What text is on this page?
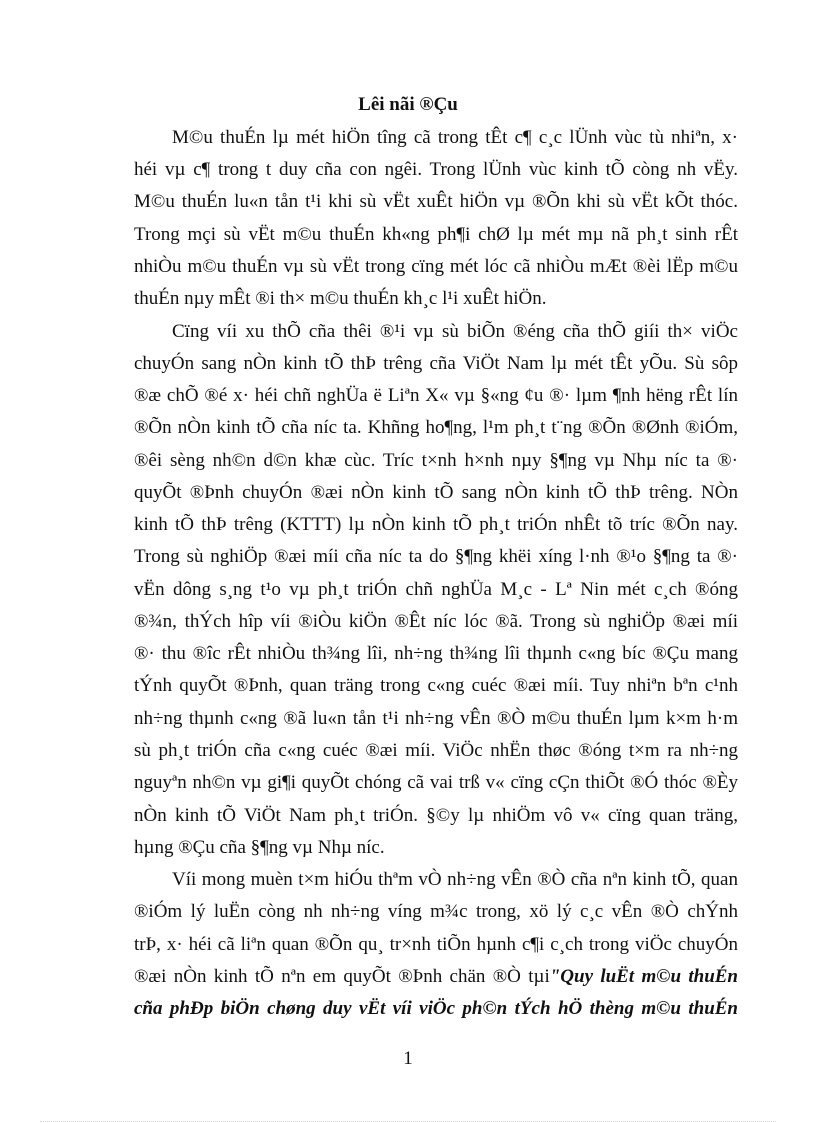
Lêi nãi ®Çu
M©u thuÉn lµ mét hiÖn tîng cã trong tÊt c¶ c¸c lÜnh vùc tù nhiªn, x·
héi vµ c¶ trong t duy cña con ngêi. Trong lÜnh vùc kinh tÕ còng nh vËy.
M©u thuÉn lu«n tån t¹i khi sù vËt xuÊt hiÖn vµ ®Õn khi sù vËt kÕt thóc.
Trong mçi sù vËt m©u thuÉn kh«ng ph¶i chØ lµ mét mµ nã ph¸t sinh rÊt
nhiÒu m©u thuÉn vµ sù vËt trong cïng mét lóc cã nhiÒu mÆt ®èi lËp m©u
thuÉn nµy mÊt ®i th× m©u thuÉn kh¸c l¹i xuÊt hiÖn.
Cïng víi xu thÕ cña thêi ®¹i vµ sù biÕn ®éng cña thÕ giíi th× viÖc
chuyÓn sang nÒn kinh tÕ thÞ trêng cña ViÖt Nam lµ mét tÊt yÕu. Sù sôp
®æ chÕ ®é x· héi chñ nghÜa ë Liªn X« vµ §«ng ¢u ®· lµm ¶nh hëng rÊt lín
®Õn nÒn kinh tÕ cña níc ta. Khñng ho¶ng, l¹m ph¸t t¨ng ®Õn ®Ønh ®iÓm,
®êi sèng nh©n d©n khæ cùc. Tríc t×nh h×nh nµy §¶ng vµ Nhµ níc ta ®·
quyÕt ®Þnh chuyÓn ®æi nÒn kinh tÕ sang nÒn kinh tÕ thÞ trêng. NÒn
kinh tÕ thÞ trêng (KTTT) lµ nÒn kinh tÕ ph¸t triÓn nhÊt tõ tríc ®Õn nay.
Trong sù nghiÖp ®æi míi cña níc ta do §¶ng khëi xíng l·nh ®¹o §¶ng ta ®·
vËn dông s¸ng t¹o vµ ph¸t triÓn chñ nghÜa M¸c - Lª Nin mét c¸ch ®óng
®¾n, thÝch hîp víi ®iÒu kiÖn ®Êt níc lóc ®ã. Trong sù nghiÖp ®æi míi
®· thu ®îc rÊt nhiÒu th¾ng lîi, nh÷ng th¾ng lîi thµnh c«ng bíc ®Çu mang
tÝnh quyÕt ®Þnh, quan träng trong c«ng cuéc ®æi míi. Tuy nhiªn bªn c¹nh
nh÷ng thµnh c«ng ®ã lu«n tån t¹i nh÷ng vÊn ®Ò m©u thuÉn lµm k×m h·m
sù ph¸t triÓn cña c«ng cuéc ®æi míi. ViÖc nhËn thøc ®óng t×m ra nh÷ng
nguyªn nh©n vµ gi¶i quyÕt chóng cã vai trß v« cïng cÇn thiÕt ®Ó thóc ®Èy
nÒn kinh tÕ ViÖt Nam ph¸t triÓn. §©y lµ nhiÖm vô v« cïng quan träng,
hµng ®Çu cña §¶ng vµ Nhµ níc.
Víi mong muèn t×m hiÓu thªm vÒ nh÷ng vÊn ®Ò cña nªn kinh tÕ, quan
®iÓm lý luËn còng nh nh÷ng víng m¾c trong, xö lý c¸c vÊn ®Ò chÝnh
trÞ, x· héi cã liªn quan ®Õn qu¸ tr×nh tiÕn hµnh c¶i c¸ch trong viÖc chuyÓn
®æi nÒn kinh tÕ nªn em quyÕt ®Þnh chän ®Ò tµi"Quy luËt m©u thuÉn
cña phÐp biÖn chøng duy vËt víi viÖc ph©n tÝch hÖ thèng m©u thuÉn
1
